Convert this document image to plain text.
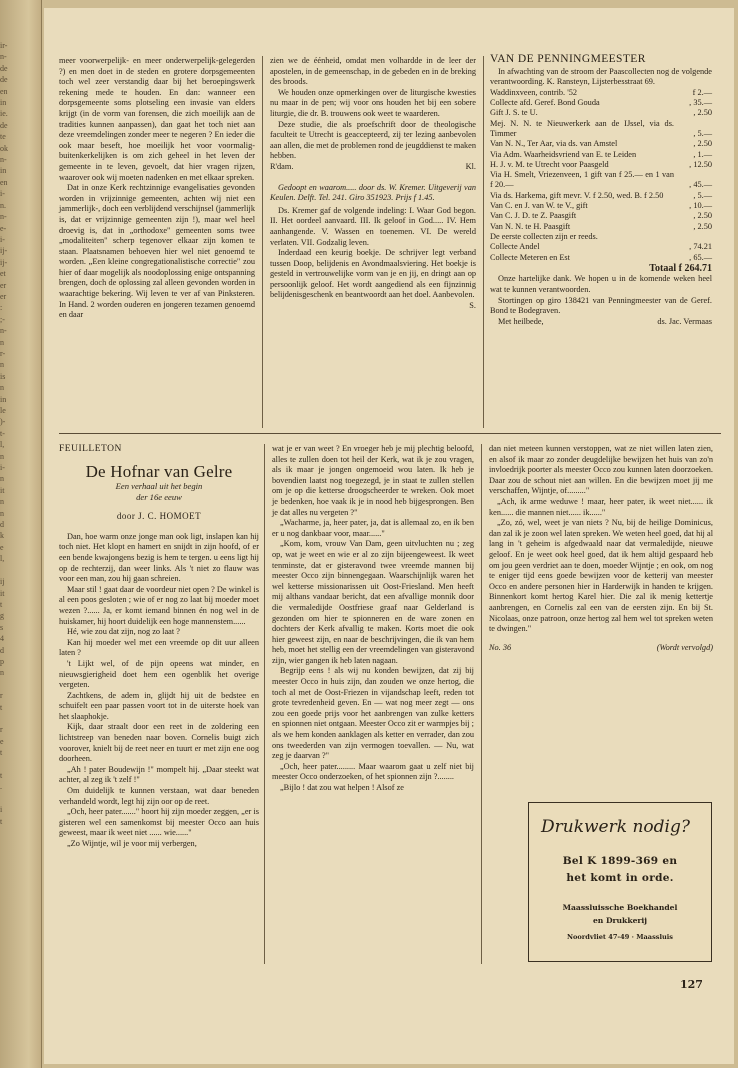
ir-
n-
de
de
en
in
ie.
de
te
ok
n-
in
en
i-
n.
n-
e-
i-
ij-
ij-
et
er
er
:
;-
n-
n
r-
n
is
n
in
le
)-
t-
l,
n
i-
n
it
n
n
d
k
e
l,

ij
it
t
g
s
4
d
p
n

r
t

r
e
t

t
.

i
t

meer voorwerpelijk- en meer onderwerpelijk-gelegerden ?) en men doet in de steden en grotere dorpsgemeenten toch wel zeer verstandig daar bij het beroepingswerk rekening mede te houden. En dan: wanneer een dorpsgemeente soms plotseling een invasie van elders krijgt (in de vorm van forensen, die zich moeilijk aan de tradities kunnen aanpassen), dan gaat het toch niet aan deze vreemdelingen zonder meer te negeren ? En ieder die ook maar beseft, hoe moeilijk het voor voormalig-buitenkerkelijken is om zich geheel in het leven der gemeente in te leven, gevoelt, dat hier vragen rijzen, waarover ook wij moeten nadenken en met elkaar spreken.

Dat in onze Kerk rechtzinnige evangelisaties gevonden worden in vrijzinnige gemeenten, achten wij niet een jammerlijk-, doch een verblijdend verschijnsel (jammerlijk is, dat er vrijzinnige gemeenten zijn !), maar wel heel droevig is, dat in „orthodoxe" gemeenten soms twee „modaliteiten" scherp tegenover elkaar zijn komen te staan. Plaatsnamen behoeven hier wel niet genoemd te worden. „Een kleine congregationalistische correctie" zou hier of daar mogelijk als noodoplossing enige ontspanning brengen, doch de oplossing zal alleen gevonden worden in waarachtige bekering. Wij leven te ver af van Pinksteren. In Hand. 2 worden ouderen en jongeren tezamen genoemd en daar

zien we de éénheid, omdat men volhardde in de leer der apostelen, in de gemeenschap, in de gebeden en in de breking des broods.

We houden onze opmerkingen over de liturgische kwesties nu maar in de pen; wij voor ons houden het bij een sobere liturgie, die dr. B. trouwens ook weet te waarderen.

Deze studie, die als proefschrift door de theologische faculteit te Utrecht is geaccepteerd, zij ter lezing aanbevolen aan allen, die met de problemen rond de jeugddienst te maken hebben.

R'dam.	Kl.

Gedoopt en waarom..... door ds. W. Kremer. Uitgeverij van Keulen. Delft. Tel. 241. Giro 351923. Prijs f 1.45.

Ds. Kremer gaf de volgende indeling: I. Waar God begon. II. Het oordeel aanvaard. III. Ik geloof in God..... IV. Hem aanhangende. V. Wassen en toenemen. VI. De wereld verlaten. VII. Godzalig leven.

Inderdaad een keurig boekje. De schrijver legt verband tussen Doop, belijdenis en Avondmaalsviering. Het boekje is gesteld in vertrouwelijke vorm van je en jij, en dringt aan op persoonlijk geloof. Het wordt aangediend als een fijnzinnig belijdenisgeschenk en beantwoordt aan het doel. Aanbevolen.

S.
VAN DE PENNINGMEESTER

In afwachting van de stroom der Paascollecten nog de volgende verantwoording. K. Ransteyn, Lijsterbesstraat 69.

Waddinxveen, contrib. '52	f 2.—
Collecte afd. Geref. Bond Gouda	, 35.—
Gift J. S. te U.	, 2.50
Mej. N. N. te Nieuwerkerk aan de IJssel, via ds. Timmer	, 5.—
Van N. N., Ter Aar, via ds. van Amstel	, 2.50
Via Adm. Waarheidsvriend van E. te Leiden	, 1.—
H. J. v. M. te Utrecht voor Paasgeld	, 12.50
Via H. Smelt, Vriezenveen, 1 gift van f 25.— en 1 van f 20.—	, 45.—
Via ds. Harkema, gift mevr. V. f 2.50, wed. B. f 2.50	, 5.—
Van C. en J. van W. te V., gift	, 10.—
Van C. J. D. te Z. Paasgift	, 2.50
Van N. N. te H. Paasgift	, 2.50
De eerste collecten zijn er reeds.	
Collecte Andel	, 74.21
Collecte Meteren en Est	, 65.—
Totaal f 264.71

Onze hartelijke dank. We hopen u in de komende weken heel wat te kunnen verantwoorden.

Stortingen op giro 138421 van Penningmeester van de Geref. Bond te Bodegraven.

Met heilbede,	ds. Jac. Vermaas
FEUILLETON
De Hofnar van Gelre
Een verhaal uit het begin
der 16e eeuw
door J. C. HOMOET

Dan, hoe warm onze jonge man ook ligt, inslapen kan hij toch niet. Het klopt en hamert en snijdt in zijn hoofd, of er een bende kwajongens bezig is hem te tergen. u eens ligt hij op de rechterzij, dan weer links. Als 't niet zo flauw was voor een man, zou hij gaan schreien.

Maar stil ! gaat daar de voordeur niet open ? De winkel is al een poos gesloten ; wie of er nog zo laat bij moeder moet wezen ?...... Ja, er komt iemand binnen én nog wel in de huiskamer, hij hoort duidelijk een hoge mannenstem......

Hé, wie zou dat zijn, nog zo laat ?

Kan hij moeder wel met een vreemde op dit uur alleen laten ?

't Lijkt wel, of de pijn opeens wat minder, en nieuwsgierigheid doet hem een ogenblik het overige vergeten.

Zachtkens, de adem in, glijdt hij uit de bedstee en schuifelt een paar passen voort tot in de uiterste hoek van het slaaphokje.

Kijk, daar straalt door een reet in de zoldering een lichtstreep van beneden naar boven. Cornelis buigt zich voorover, knielt bij de reet neer en tuurt er met zijn ene oog doorheen.

„Ah ! pater Boudewijn !" mompelt hij. „Daar steekt wat achter, al zeg ik 't zelf !"

Om duidelijk te kunnen verstaan, wat daar beneden verhandeld wordt, legt hij zijn oor op de reet.

„Och, heer pater......." hoort hij zijn moeder zeggen, „er is gisteren wel een samenkomst bij meester Occo aan huis geweest, maar ik weet niet ...... wie......"

„Zo Wijntje, wil je voor mij verbergen,

wat je er van weet ? En vroeger heb je mij plechtig beloofd, alles te zullen doen tot heil der Kerk, wat ik je zou vragen, als ik maar je jongen ongemoeid wou laten. Ik heb je bovendien laatst nog toegezegd, je in staat te zullen stellen om je op die ketterse droogscheerder te wreken. Ook moet je bedenken, hoe vaak ik je in nood heb bijgesprongen. Ben je dat alles nu vergeten ?"

„Wacharme, ja, heer pater, ja, dat is allemaal zo, en ik ben er u nog dankbaar voor, maar......"

„Kom, kom, vrouw Van Dam, geen uitvluchten nu ; zeg op, wat je weet en wie er al zo zijn bijeengeweest. Ik weet tenminste, dat er gisteravond twee vreemde mannen bij meester Occo zijn binnengegaan. Waarschijnlijk waren het wel ketterse missionarissen uit Oost-Friesland. Men heeft mij althans vandaar bericht, dat een afvallige monnik door die vermaledijde Oostfriese graaf naar Gelderland is gezonden om hier te spionneren en de ware zonen en dochters der Kerk afvallig te maken. Korts moet die ook hier geweest zijn, en naar de beschrijvingen, die ik van hem heb, moet het stellig een der vreemdelingen van gisteravond zijn, wier gangen ik heb laten nagaan.

Begrijp eens ! als wij nu konden bewijzen, dat zij bij meester Occo in huis zijn, dan zouden we onze hertog, die toch al met de Oost-Friezen in vijandschap leeft, reden tot grote tevredenheid geven. En — wat nog meer zegt — ons zou een goede prijs voor het aanbrengen van zulke ketters en spionnen niet ontgaan. Meester Occo zit er warmpjes bij ; als we hem konden aanklagen als ketter en verrader, dan zou ons tweederden van zijn vermogen toevallen. — Nu, wat zeg je daarvan ?"

„Och, heer pater......... Maar waarom gaat u zelf niet bij meester Occo onderzoeken, of het spionnen zijn ?........

„Bijlo ! dat zou wat helpen ! Alsof ze

dan niet meteen kunnen verstoppen, wat ze niet willen laten zien, en alsof ik maar zo zonder deugdelijke bewijzen het huis van zo'n invloedrijk poorter als meester Occo zou kunnen laten doorzoeken. Daar zou de schout niet aan willen. En die bewijzen moet jij me verschaffen, Wijntje, of........."

„Ach, ik arme weduwe ! maar, heer pater, ik weet niet...... ik ken...... die mannen niet...... ik......"

„Zo, zó, wel, weet je van niets ? Nu, bij de heilige Dominicus, dan zal ik je zoon wel laten spreken. We weten heel goed, dat hij al lang in 't geheim is afgedwaald naar dat vermaledijde, nieuwe geloof. En je weet ook heel goed, dat ik hem altijd gespaard heb om jou geen verdriet aan te doen, moeder Wijntje ; en ook, om nog te eniger tijd eens goede bewijzen voor de ketterij van meester Occo en andere personen hier in Harderwijk in handen te krijgen. Binnenkort komt hertog Karel hier. Die zal ik menig kettertje aanbrengen, en Cornelis zal een van de eersten zijn. En bij St. Nicolaas, onze patroon, onze hertog zal hem wel tot spreken weten te dwingen."

No. 36	(Wordt vervolgd)
Drukwerk nodig?
Bel K 1899-369 en
het komt in orde.
Maassluissche Boekhandel
en Drukkerij
Noordvliet 47-49 · Maassluis
127
